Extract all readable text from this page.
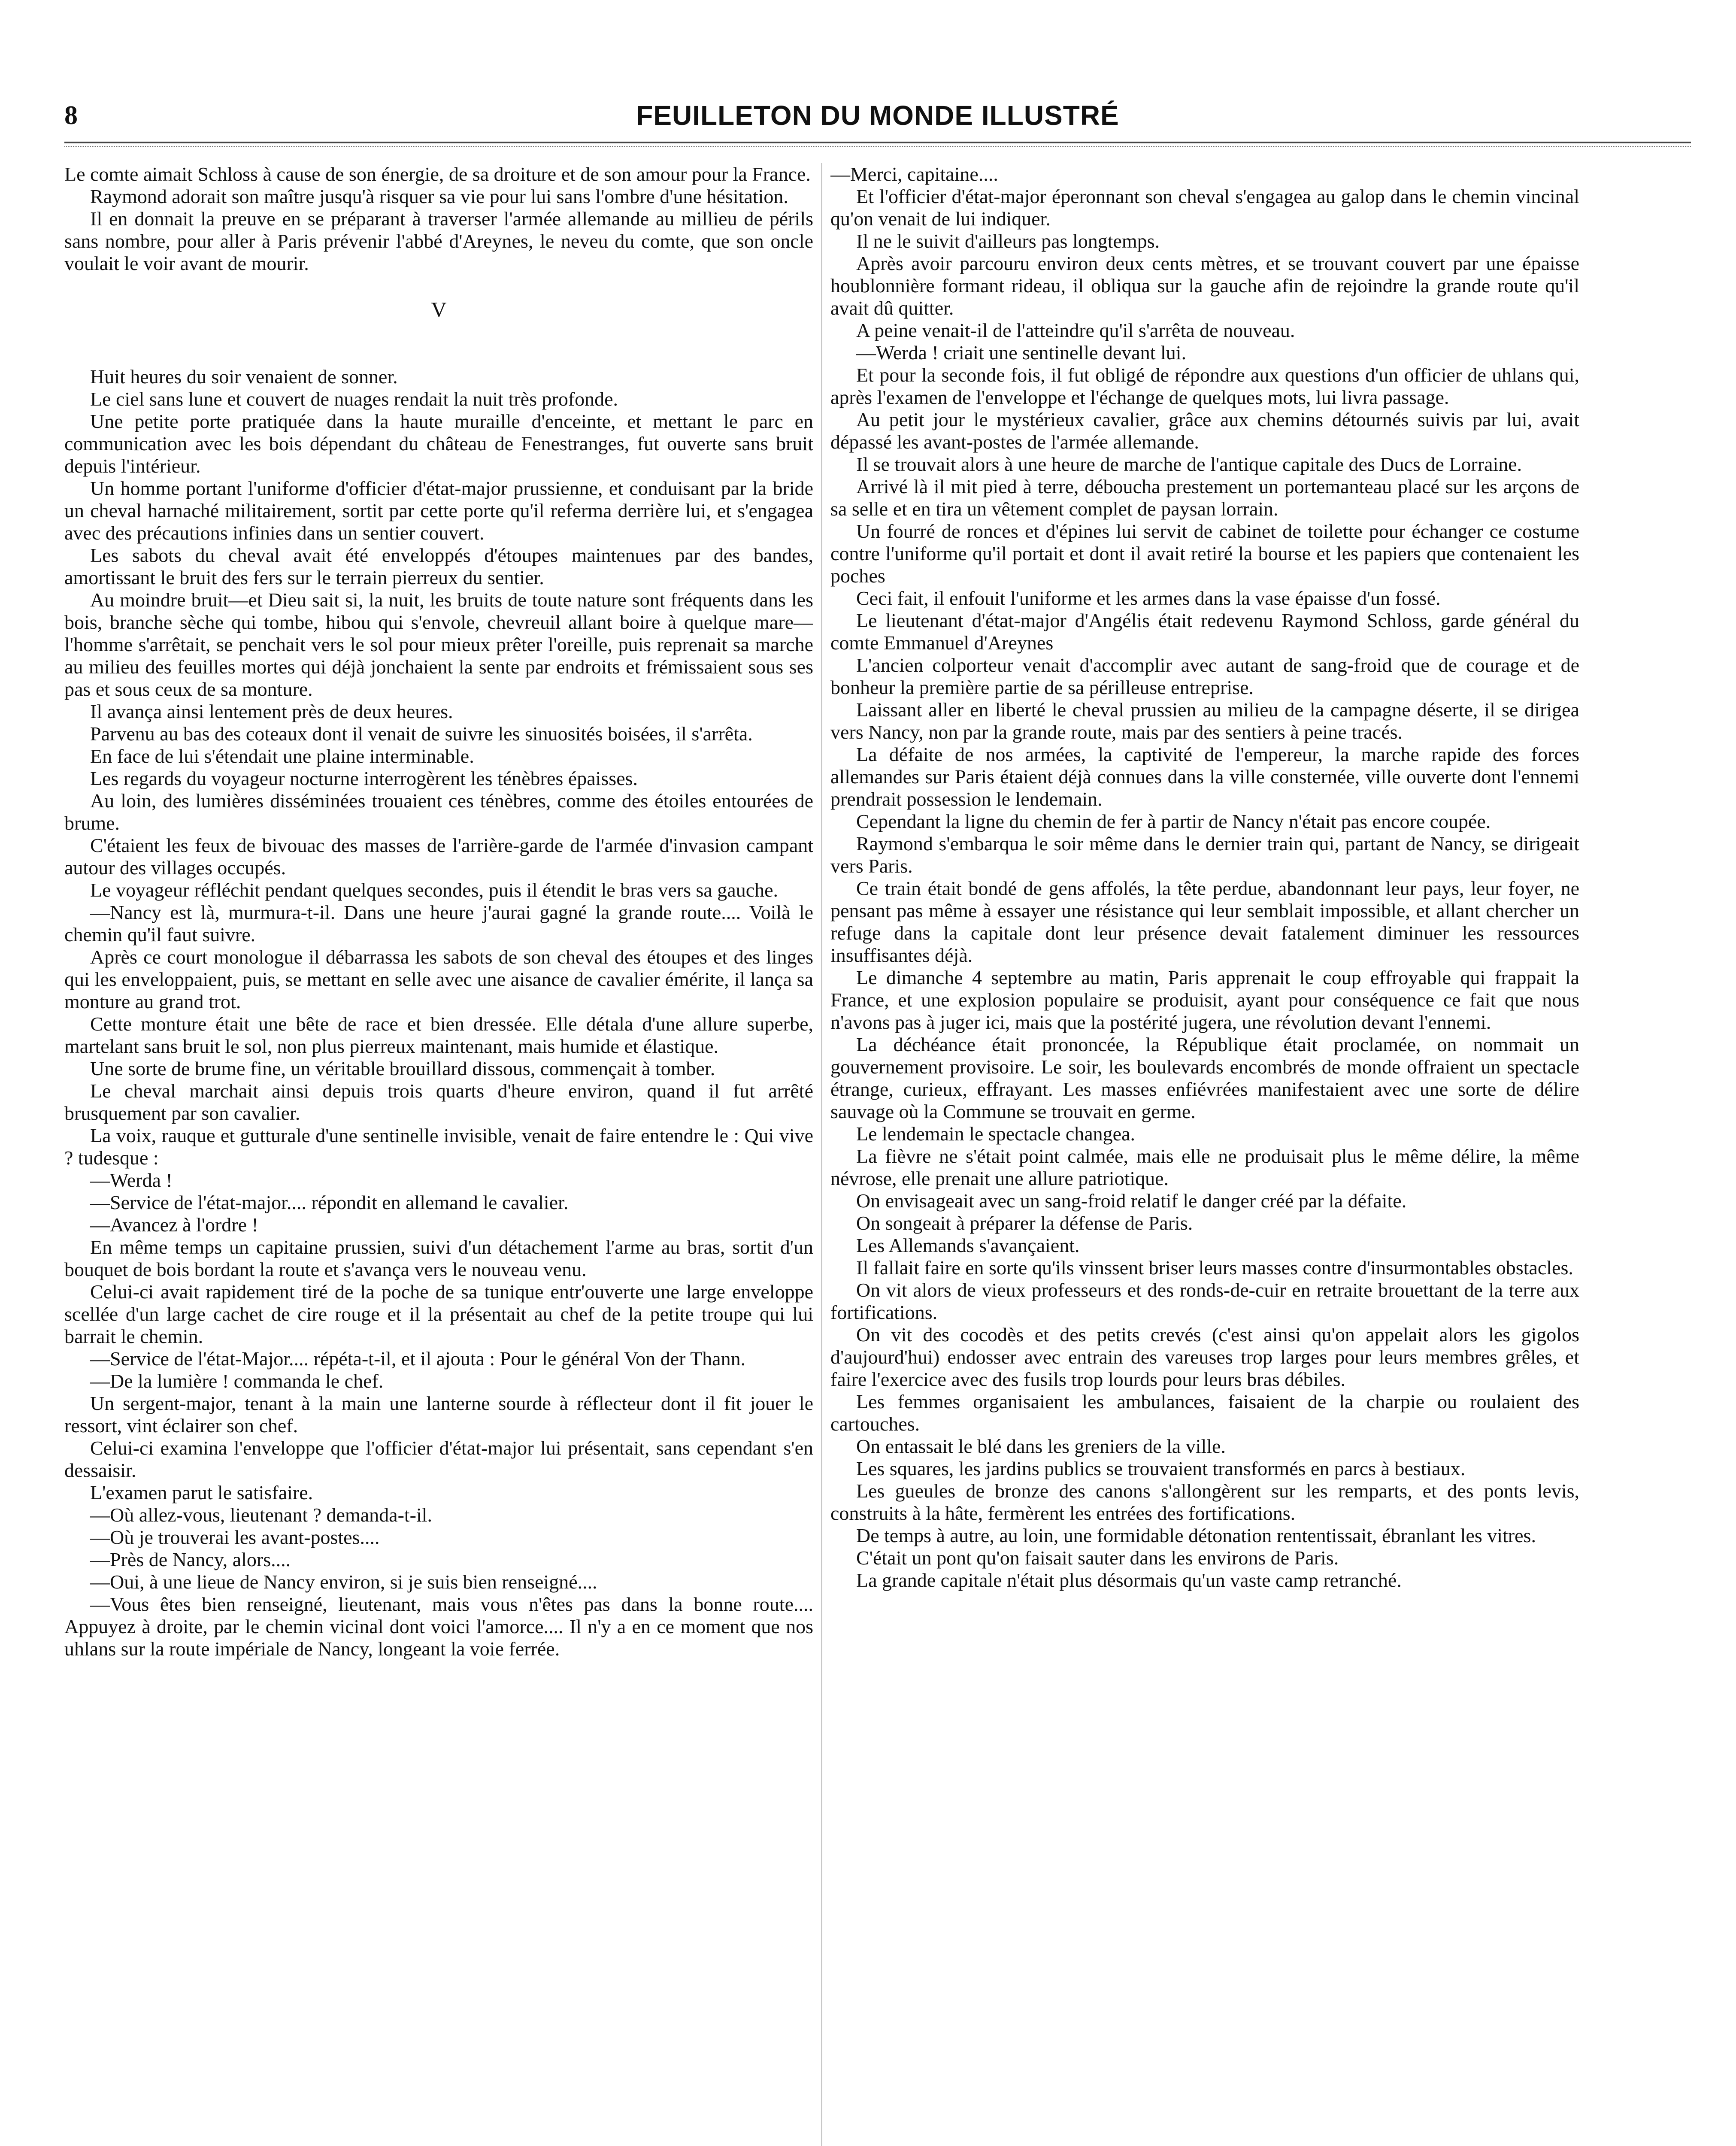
8	FEUILLETON DU MONDE ILLUSTRÉ

Le comte aimait Schloss à cause de son énergie, de sa droiture et de son amour pour la France.

Raymond adorait son maître jusqu'à risquer sa vie pour lui sans l'ombre d'une hésitation.

Il en donnait la preuve en se préparant à traverser l'armée allemande au millieu de périls sans nombre, pour aller à Paris prévenir l'abbé d'Areynes, le neveu du comte, que son oncle voulait le voir avant de mourir.

V

Huit heures du soir venaient de sonner.

Le ciel sans lune et couvert de nuages rendait la nuit très profonde.

Une petite porte pratiquée dans la haute muraille d'enceinte, et mettant le parc en communication avec les bois dépendant du château de Fenestranges, fut ouverte sans bruit depuis l'intérieur.

Un homme portant l'uniforme d'officier d'état-major prussienne, et conduisant par la bride un cheval harnaché militairement, sortit par cette porte qu'il referma derrière lui, et s'engagea avec des précautions infinies dans un sentier couvert.

Les sabots du cheval avait été enveloppés d'étoupes maintenues par des bandes, amortissant le bruit des fers sur le terrain pierreux du sentier.

Au moindre bruit—et Dieu sait si, la nuit, les bruits de toute nature sont fréquents dans les bois, branche sèche qui tombe, hibou qui s'envole, chevreuil allant boire à quelque mare—l'homme s'arrêtait, se penchait vers le sol pour mieux prêter l'oreille, puis reprenait sa marche au milieu des feuilles mortes qui déjà jonchaient la sente par endroits et frémissaient sous ses pas et sous ceux de sa monture.

Il avança ainsi lentement près de deux heures.

Parvenu au bas des coteaux dont il venait de suivre les sinuosités boisées, il s'arrêta.

En face de lui s'étendait une plaine interminable.

Les regards du voyageur nocturne interrogèrent les ténèbres épaisses.

Au loin, des lumières disséminées trouaient ces ténèbres, comme des étoiles entourées de brume.

C'étaient les feux de bivouac des masses de l'arrière-garde de l'armée d'invasion campant autour des villages occupés.

Le voyageur réfléchit pendant quelques secondes, puis il étendit le bras vers sa gauche.

—Nancy est là, murmura-t-il. Dans une heure j'aurai gagné la grande route.... Voilà le chemin qu'il faut suivre.

Après ce court monologue il débarrassa les sabots de son cheval des étoupes et des linges qui les enveloppaient, puis, se mettant en selle avec une aisance de cavalier émérite, il lança sa monture au grand trot.

Cette monture était une bête de race et bien dressée. Elle détala d'une allure superbe, martelant sans bruit le sol, non plus pierreux maintenant, mais humide et élastique.

Une sorte de brume fine, un véritable brouillard dissous, commençait à tomber.

Le cheval marchait ainsi depuis trois quarts d'heure environ, quand il fut arrêté brusquement par son cavalier.

La voix, rauque et gutturale d'une sentinelle invisible, venait de faire entendre le : Qui vive ? tudesque :

—Werda !

—Service de l'état-major.... répondit en allemand le cavalier.

—Avancez à l'ordre !

En même temps un capitaine prussien, suivi d'un détachement l'arme au bras, sortit d'un bouquet de bois bordant la route et s'avança vers le nouveau venu.

Celui-ci avait rapidement tiré de la poche de sa tunique entr'ouverte une large enveloppe scellée d'un large cachet de cire rouge et il la présentait au chef de la petite troupe qui lui barrait le chemin.

—Service de l'état-Major.... répéta-t-il, et il ajouta : Pour le général Von der Thann.

—De la lumière ! commanda le chef.

Un sergent-major, tenant à la main une lanterne sourde à réflecteur dont il fit jouer le ressort, vint éclairer son chef.

Celui-ci examina l'enveloppe que l'officier d'état-major lui présentait, sans cependant s'en dessaisir.

L'examen parut le satisfaire.

—Où allez-vous, lieutenant ? demanda-t-il.

—Où je trouverai les avant-postes....

—Près de Nancy, alors....

—Oui, à une lieue de Nancy environ, si je suis bien renseigné....

—Vous êtes bien renseigné, lieutenant, mais vous n'êtes pas dans la bonne route.... Appuyez à droite, par le chemin vicinal dont voici l'amorce.... Il n'y a en ce moment que nos uhlans sur la route impériale de Nancy, longeant la voie ferrée.

—Merci, capitaine....

Et l'officier d'état-major éperonnant son cheval s'engagea au galop dans le chemin vincinal qu'on venait de lui indiquer.

Il ne le suivit d'ailleurs pas longtemps.

Après avoir parcouru environ deux cents mètres, et se trouvant couvert par une épaisse houblonnière formant rideau, il obliqua sur la gauche afin de rejoindre la grande route qu'il avait dû quitter.

A peine venait-il de l'atteindre qu'il s'arrêta de nouveau.

—Werda ! criait une sentinelle devant lui.

Et pour la seconde fois, il fut obligé de répondre aux questions d'un officier de uhlans qui, après l'examen de l'enveloppe et l'échange de quelques mots, lui livra passage.

Au petit jour le mystérieux cavalier, grâce aux chemins détournés suivis par lui, avait dépassé les avant-postes de l'armée allemande.

Il se trouvait alors à une heure de marche de l'antique capitale des Ducs de Lorraine.

Arrivé là il mit pied à terre, déboucha prestement un portemanteau placé sur les arçons de sa selle et en tira un vêtement complet de paysan lorrain.

Un fourré de ronces et d'épines lui servit de cabinet de toilette pour échanger ce costume contre l'uniforme qu'il portait et dont il avait retiré la bourse et les papiers que contenaient les poches

Ceci fait, il enfouit l'uniforme et les armes dans la vase épaisse d'un fossé.

Le lieutenant d'état-major d'Angélis était redevenu Raymond Schloss, garde général du comte Emmanuel d'Areynes

L'ancien colporteur venait d'accomplir avec autant de sang-froid que de courage et de bonheur la première partie de sa périlleuse entreprise.

Laissant aller en liberté le cheval prussien au milieu de la campagne déserte, il se dirigea vers Nancy, non par la grande route, mais par des sentiers à peine tracés.

La défaite de nos armées, la captivité de l'empereur, la marche rapide des forces allemandes sur Paris étaient déjà connues dans la ville consternée, ville ouverte dont l'ennemi prendrait possession le lendemain.

Cependant la ligne du chemin de fer à partir de Nancy n'était pas encore coupée.

Raymond s'embarqua le soir même dans le dernier train qui, partant de Nancy, se dirigeait vers Paris.

Ce train était bondé de gens affolés, la tête perdue, abandonnant leur pays, leur foyer, ne pensant pas même à essayer une résistance qui leur semblait impossible, et allant chercher un refuge dans la capitale dont leur présence devait fatalement diminuer les ressources insuffisantes déjà.

Le dimanche 4 septembre au matin, Paris apprenait le coup effroyable qui frappait la France, et une explosion populaire se produisit, ayant pour conséquence ce fait que nous n'avons pas à juger ici, mais que la postérité jugera, une révolution devant l'ennemi.

La déchéance était prononcée, la République était proclamée, on nommait un gouvernement provisoire. Le soir, les boulevards encombrés de monde offraient un spectacle étrange, curieux, effrayant. Les masses enfiévrées manifestaient avec une sorte de délire sauvage où la Commune se trouvait en germe.

Le lendemain le spectacle changea.

La fièvre ne s'était point calmée, mais elle ne produisait plus le même délire, la même névrose, elle prenait une allure patriotique.

On envisageait avec un sang-froid relatif le danger créé par la défaite.

On songeait à préparer la défense de Paris.

Les Allemands s'avançaient.

Il fallait faire en sorte qu'ils vinssent briser leurs masses contre d'insurmontables obstacles.

On vit alors de vieux professeurs et des ronds-de-cuir en retraite brouettant de la terre aux fortifications.

On vit des cocodès et des petits crevés (c'est ainsi qu'on appelait alors les gigolos d'aujourd'hui) endosser avec entrain des vareuses trop larges pour leurs membres grêles, et faire l'exercice avec des fusils trop lourds pour leurs bras débiles.

Les femmes organisaient les ambulances, faisaient de la charpie ou roulaient des cartouches.

On entassait le blé dans les greniers de la ville.

Les squares, les jardins publics se trouvaient transformés en parcs à bestiaux.

Les gueules de bronze des canons s'allongèrent sur les remparts, et des ponts levis, construits à la hâte, fermèrent les entrées des fortifications.

De temps à autre, au loin, une formidable détonation rententissait, ébranlant les vitres.

C'était un pont qu'on faisait sauter dans les environs de Paris.

La grande capitale n'était plus désormais qu'un vaste camp retranché.
